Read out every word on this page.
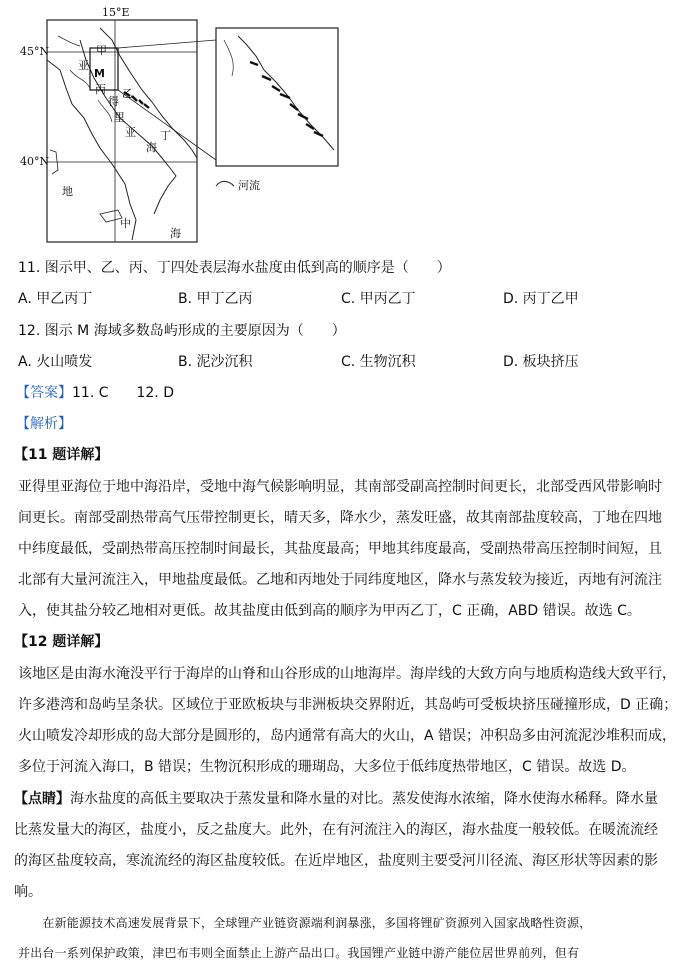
15°E
45°N
40°N
M
甲
亚
丙 乙
得
里
亚
海
丁
地
中
海
河流
11. 图示甲、乙、丙、丁四处表层海水盐度由低到高的顺序是（　　）
A. 甲乙丙丁	B. 甲丁乙丙	C. 甲丙乙丁	D. 丙丁乙甲
12. 图示 M 海域多数岛屿形成的主要原因为（　　）
A. 火山喷发	B. 泥沙沉积	C. 生物沉积	D. 板块挤压
【答案】11. C　　12. D
【解析】
【11 题详解】

亚得里亚海位于地中海沿岸，受地中海气候影响明显，其南部受副高控制时间更长，北部受西风带影响时

间更长。南部受副热带高气压带控制更长，晴天多，降水少，蒸发旺盛，故其南部盐度较高，丁地在四地

中纬度最低，受副热带高压控制时间最长，其盐度最高；甲地其纬度最高，受副热带高压控制时间短，且

北部有大量河流注入，甲地盐度最低。乙地和丙地处于同纬度地区，降水与蒸发较为接近，丙地有河流注

入，使其盐分较乙地相对更低。故其盐度由低到高的顺序为甲丙乙丁，C 正确，ABD 错误。故选 C。

【12 题详解】

该地区是由海水淹没平行于海岸的山脊和山谷形成的山地海岸。海岸线的大致方向与地质构造线大致平行，

许多港湾和岛屿呈条状。区域位于亚欧板块与非洲板块交界附近，其岛屿可受板块挤压碰撞形成，D 正确；

火山喷发冷却形成的岛大部分是圆形的，岛内通常有高大的火山，A 错误；冲积岛多由河流泥沙堆积而成，

多位于河流入海口，B 错误；生物沉积形成的珊瑚岛，大多位于低纬度热带地区，C 错误。故选 D。

【点睛】海水盐度的高低主要取决于蒸发量和降水量的对比。蒸发使海水浓缩，降水使海水稀释。降水量

比蒸发量大的海区，盐度小，反之盐度大。此外，在有河流注入的海区，海水盐度一般较低。在暖流流经

的海区盐度较高，寒流流经的海区盐度较低。在近岸地区，盐度则主要受河川径流、海区形状等因素的影

响。

　　在新能源技术高速发展背景下，全球锂产业链资源端利润暴涨，多国将锂矿资源列入国家战略性资源，
并出台一系列保护政策，津巴布韦则全面禁止上游产品出口。我国锂产业链中游产能位居世界前列，但有
